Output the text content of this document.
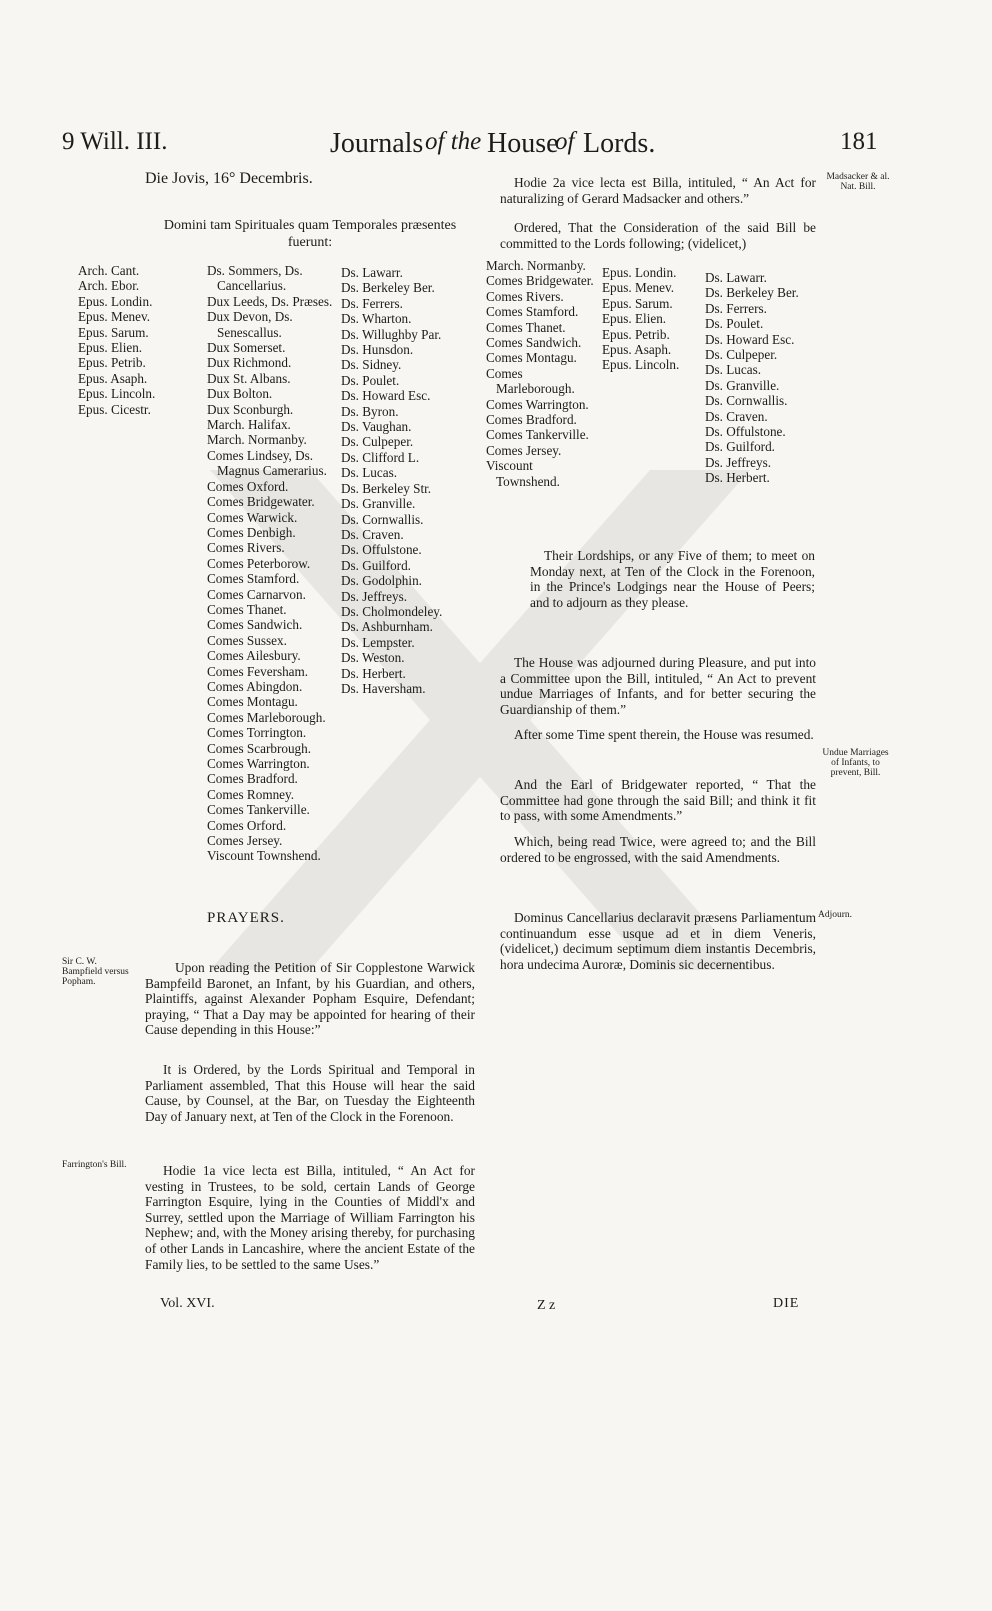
9 Will. III.	Journals of the House
of Lords.	181
Die Jovis, 16° Decembris.
Domini tam Spirituales quam Temporales præsentes fuerunt:
Arch. Cant.
Arch. Ebor.
Epus. Londin.
Epus. Menev.
Epus. Sarum.
Epus. Elien.
Epus. Petrib.
Epus. Asaph.
Epus. Lincoln.
Epus. Cicestr.
Ds. Sommers, Ds. Cancellarius.
Dux Leeds, Ds. Præses.
Dux Devon, Ds. Senescallus.
Dux Somerset.
Dux Richmond.
Dux St. Albans.
Dux Bolton.
Dux Sconburgh.
March. Halifax.
March. Normanby.
Comes Lindsey, Ds. Magnus Camerarius.
Comes Oxford.
Comes Bridgewater.
Comes Warwick.
Comes Denbigh.
Comes Rivers.
Comes Peterborow.
Comes Stamford.
Comes Carnarvon.
Comes Thanet.
Comes Sandwich.
Comes Sussex.
Comes Ailesbury.
Comes Feversham.
Comes Abingdon.
Comes Montagu.
Comes Marleborough.
Comes Torrington.
Comes Scarbrough.
Comes Warrington.
Comes Bradford.
Comes Romney.
Comes Tankerville.
Comes Orford.
Comes Jersey.
Viscount Townshend.
Ds. Lawarr.
Ds. Berkeley Ber.
Ds. Ferrers.
Ds. Wharton.
Ds. Willughby Par.
Ds. Hunsdon.
Ds. Sidney.
Ds. Poulet.
Ds. Howard Esc.
Ds. Byron.
Ds. Vaughan.
Ds. Culpeper.
Ds. Clifford L.
Ds. Lucas.
Ds. Berkeley Str.
Ds. Granville.
Ds. Cornwallis.
Ds. Craven.
Ds. Offulstone.
Ds. Guilford.
Ds. Godolphin.
Ds. Jeffreys.
Ds. Cholmondeley.
Ds. Ashburnham.
Ds. Lempster.
Ds. Weston.
Ds. Herbert.
Ds. Haversham.
PRAYERS.
Sir C. W. Bampfield versus Popham.
Farrington's Bill.
Upon reading the Petition of Sir Copplestone Warwick Bampfeild Baronet, an Infant, by his Guardian, and others, Plaintiffs, against Alexander Popham Esquire, Defendant; praying, “ That a Day may be appointed for hearing of their Cause depending in this House:”
It is Ordered, by the Lords Spiritual and Temporal in Parliament assembled, That this House will hear the said Cause, by Counsel, at the Bar, on Tuesday the Eighteenth Day of January next, at Ten of the Clock in the Forenoon.
Hodie 1a vice lecta est Billa, intituled, “ An Act for vesting in Trustees, to be sold, certain Lands of George Farrington Esquire, lying in the Counties of Middl'x and Surrey, settled upon the Marriage of William Farrington his Nephew; and, with the Money arising thereby, for purchasing of other Lands in Lancashire, where the ancient Estate of the Family lies, to be settled to the same Uses.”
Madsacker & al. Nat. Bill.
Undue Marriages of Infants, to prevent, Bill.
Adjourn.
Hodie 2a vice lecta est Billa, intituled, “ An Act for naturalizing of Gerard Madsacker and others.”
Ordered, That the Consideration of the said Bill be committed to the Lords following; (videlicet,)
March. Normanby.
Comes Bridgewater.
Comes Rivers.
Comes Stamford.
Comes Thanet.
Comes Sandwich.
Comes Montagu.
Comes Marleborough.
Comes Warrington.
Comes Bradford.
Comes Tankerville.
Comes Jersey.
Viscount Townshend.
Epus. Londin.
Epus. Menev.
Epus. Sarum.
Epus. Elien.
Epus. Petrib.
Epus. Asaph.
Epus. Lincoln.
Ds. Lawarr.
Ds. Berkeley Ber.
Ds. Ferrers.
Ds. Poulet.
Ds. Howard Esc.
Ds. Culpeper.
Ds. Lucas.
Ds. Granville.
Ds. Cornwallis.
Ds. Craven.
Ds. Offulstone.
Ds. Guilford.
Ds. Jeffreys.
Ds. Herbert.
Their Lordships, or any Five of them; to meet on Monday next, at Ten of the Clock in the Forenoon, in the Prince's Lodgings near the House of Peers; and to adjourn as they please.
The House was adjourned during Pleasure, and put into a Committee upon the Bill, intituled, “ An Act to prevent undue Marriages of Infants, and for better securing the Guardianship of them.”
After some Time spent therein, the House was resumed.
And the Earl of Bridgewater reported, “ That the Committee had gone through the said Bill; and think it fit to pass, with some Amendments.”
Which, being read Twice, were agreed to; and the Bill ordered to be engrossed, with the said Amendments.
Dominus Cancellarius declaravit præsens Parliamentum continuandum esse usque ad et in diem Veneris, (videlicet,) decimum septimum diem instantis Decembris, hora undecima Auroræ, Dominis sic decernentibus.
Vol. XVI.	Z z	DIE
